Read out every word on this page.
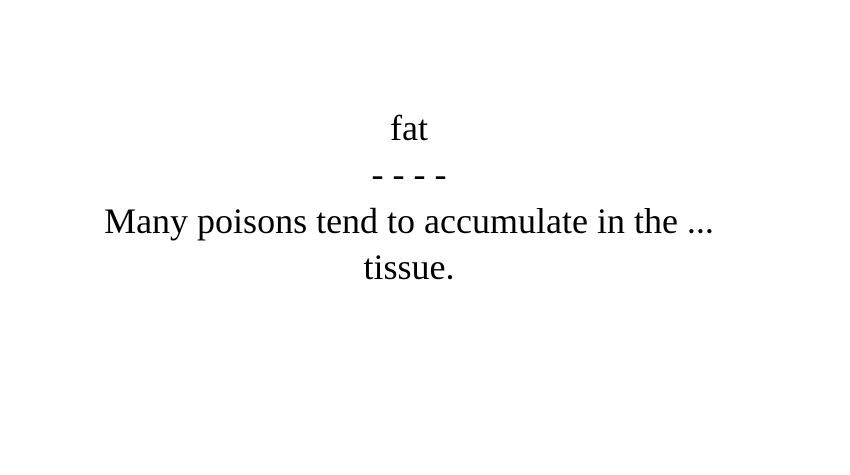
fat
- - - -
Many poisons tend to accumulate in the ... tissue.
